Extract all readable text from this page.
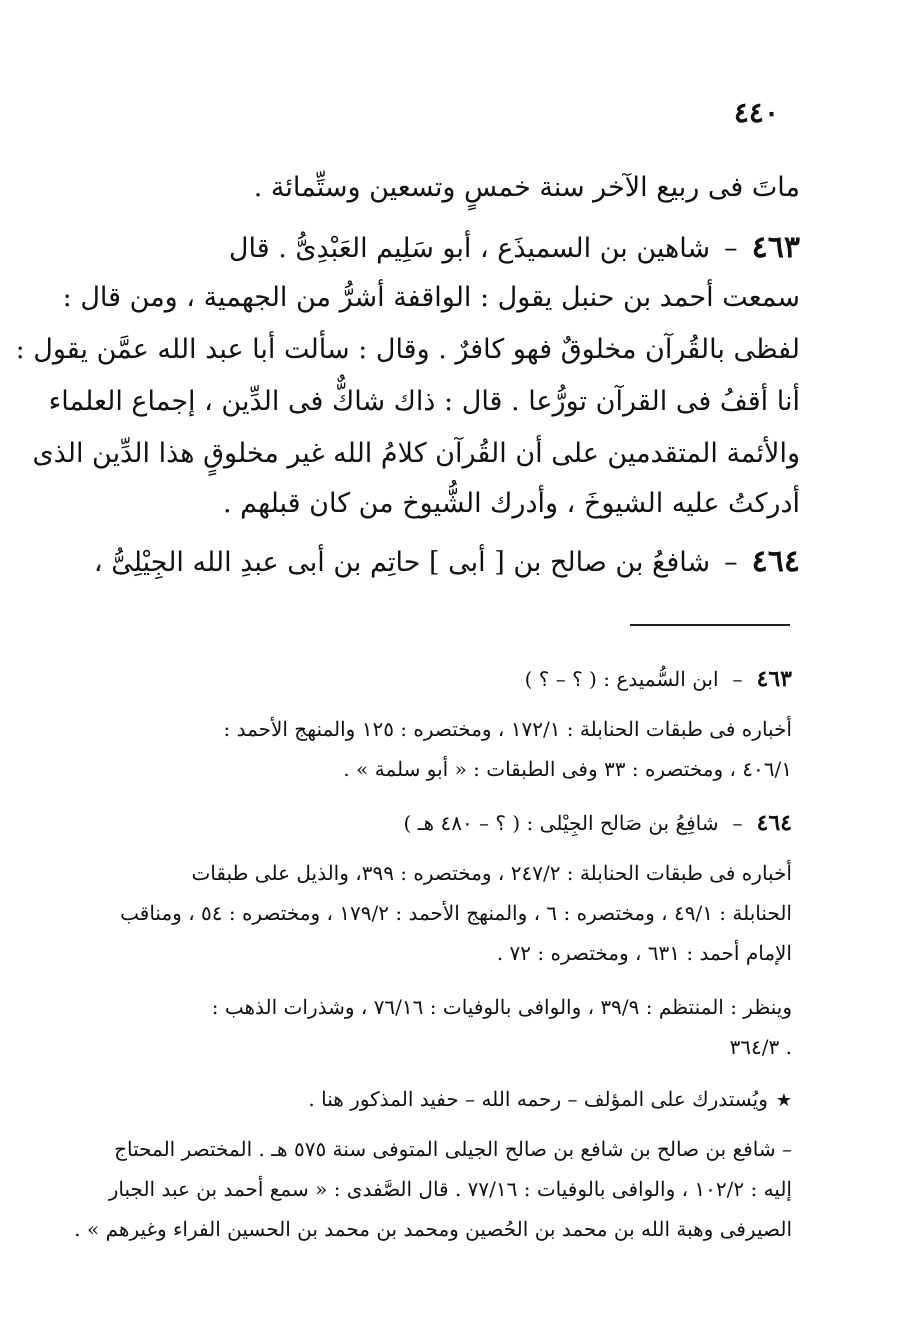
٤٤٠
ماتَ فى ربيع الآخر سنة خمسٍ وتسعين وستِّمائة .
٤٦٣–شاهين بن السميذَع ، أبو سَلِيم العَبْدِىُّ . قال
سمعت أحمد بن حنبل يقول : الواقفة أشرُّ من الجهمية ، ومن قال :
لفظى بالقُرآن مخلوقٌ فهو كافرٌ . وقال : سألت أبا عبد الله عمَّن يقول :
أنا أقفُ فى القرآن تورُّعا . قال : ذاك شاكٌّ فى الدِّين ، إجماع العلماء
والأئمة المتقدمين على أن القُرآن كلامُ الله غير مخلوقٍ هذا الدِّين الذى
أدركتُ عليه الشيوخَ ، وأدرك الشُّيوخ من كان قبلهم .
٤٦٤–شافعُ بن صالح بن [ أبى ] حاتِم بن أبى عبدِ الله الجِيْلِىُّ ،
٤٦٣–ابن السُّميدع : ( ؟ – ؟ )
أخباره فى طبقات الحنابلة : ١٧٢/١ ، ومختصره : ١٢٥ والمنهج الأحمد :
٤٠٦/١ ، ومختصره : ٣٣ وفى الطبقات : « أبو سلمة » .
٤٦٤–شافِعُ بن صَالح الجِيْلى : ( ؟ – ٤٨٠ هـ )
أخباره فى طبقات الحنابلة : ٢٤٧/٢ ، ومختصره : ٣٩٩، والذيل على طبقات
الحنابلة : ٤٩/١ ، ومختصره : ٦ ، والمنهج الأحمد : ١٧٩/٢ ، ومختصره : ٥٤ ، ومناقب
الإمام أحمد : ٦٣١ ، ومختصره : ٧٢ .
وينظر : المنتظم : ٣٩/٩ ، والوافى بالوفيات : ٧٦/١٦ ، وشذرات الذهب :
٣٦٤/٣ .
★ويُستدرك على المؤلف – رحمه الله – حفيد المذكور هنا .
– شافع بن صالح بن شافع بن صالح الجيلى المتوفى سنة ٥٧٥ هـ . المختصر المحتاج
إليه : ١٠٢/٢ ، والوافى بالوفيات : ٧٧/١٦ . قال الصَّفدى : « سمع أحمد بن عبد الجبار
الصيرفى وهبة الله بن محمد بن الحُصين ومحمد بن محمد بن الحسين الفراء وغيرهم » .
